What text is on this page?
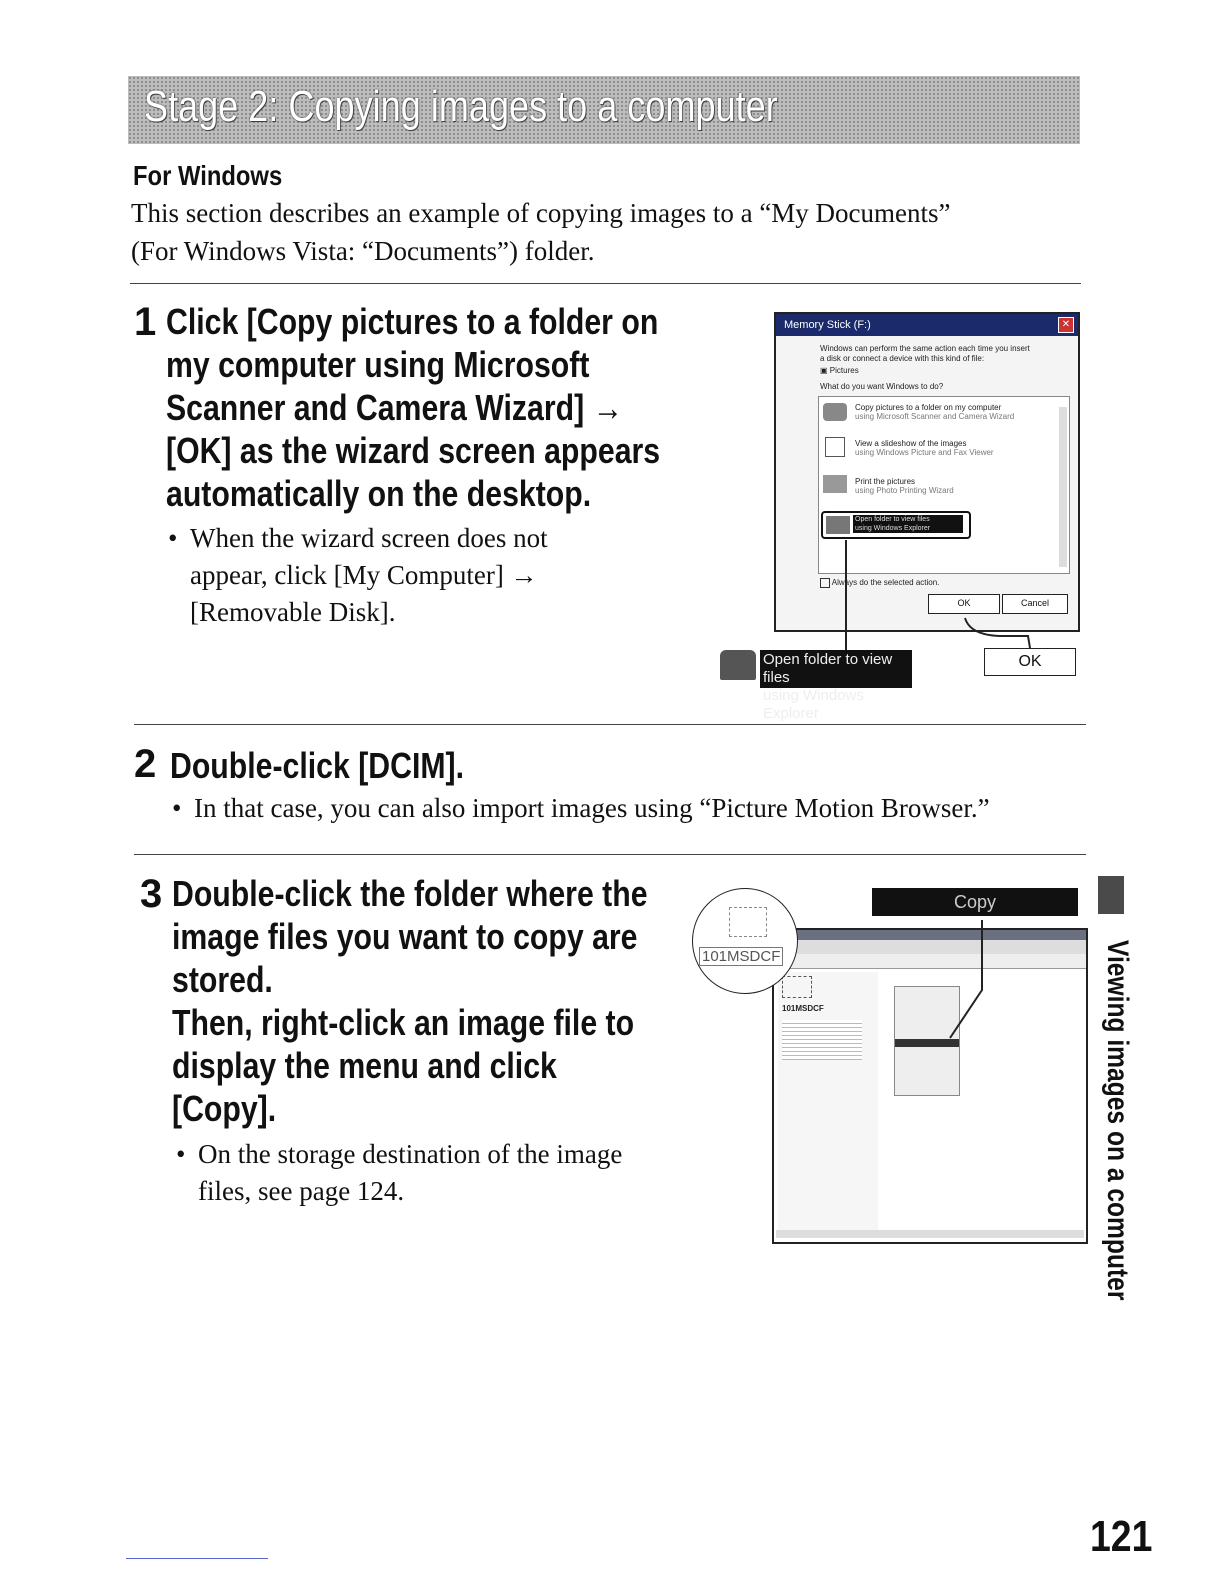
Stage 2: Copying images to a computer
For Windows
This section describes an example of copying images to a “My Documents”
(For Windows Vista: “Documents”) folder.
1 Click [Copy pictures to a folder on
my computer using Microsoft
Scanner and Camera Wizard] →
[OK] as the wizard screen appears
automatically on the desktop.
• When the wizard screen does not
appear, click [My Computer] →
[Removable Disk].
Memory Stick (F:)	✕
Windows can perform the same action each time you insert
a disk or connect a device with this kind of file:
▣ Pictures
What do you want Windows to do?
Copy pictures to a folder on my computer
using Microsoft Scanner and Camera Wizard
View a slideshow of the images
using Windows Picture and Fax Viewer
Print the pictures
using Photo Printing Wizard
Open folder to view files
using Windows Explorer
Always do the selected action.
OK	Cancel
Open folder to view files
using Windows Explorer
OK
2 Double-click [DCIM].
• In that case, you can also import images using “Picture Motion Browser.”
3 Double-click the folder where the
image files you want to copy are
stored.
Then, right-click an image file to
display the menu and click
[Copy].
• On the storage destination of the image
files, see page 124.
101MSDCF
Copy
101MSDCF	Viewing images on a computer
121
